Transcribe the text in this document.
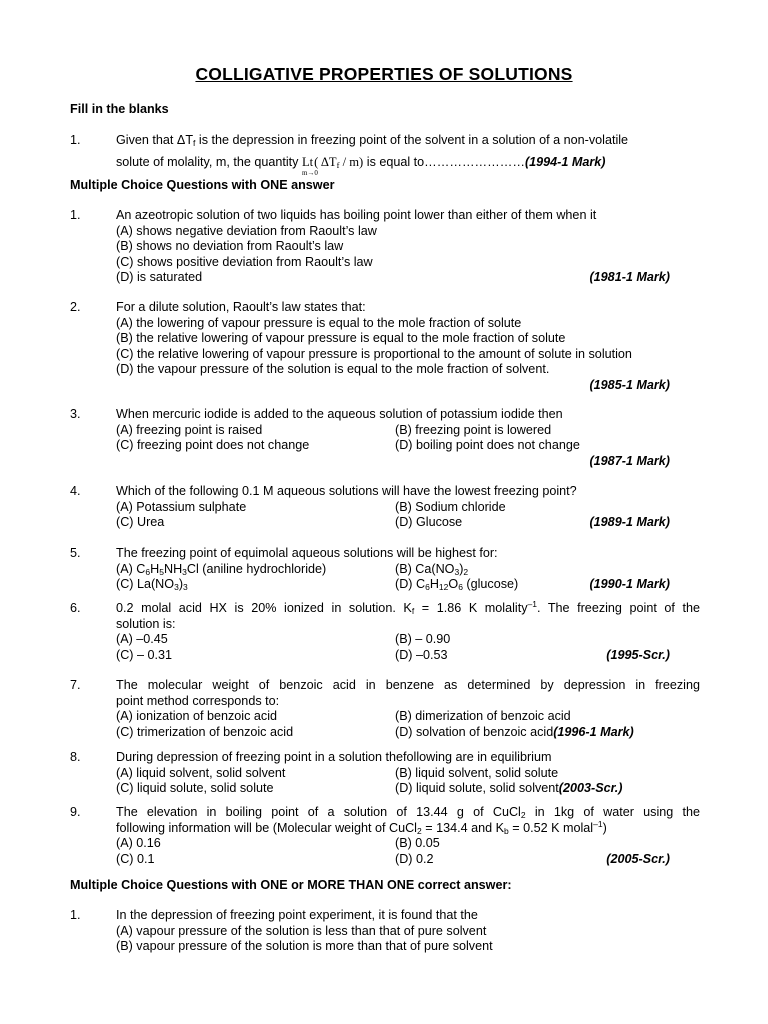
COLLIGATIVE PROPERTIES OF SOLUTIONS
Fill in the blanks
1.	Given that $\Delta T_f$ is the depression in freezing point of the solvent in a solution of a non-volatile
solute of molality, m, the quantity Lt
m→0
( $\Delta T_f / m$) is equal to……………………(1994-1 Mark)
Multiple Choice Questions with ONE answer
1.	An azeotropic solution of two liquids has boiling point lower than either of them when it
(A) shows negative deviation from Raoult’s law
(B) shows no deviation from Raoult’s law
(C) shows positive deviation from Raoult’s law
(D) is saturated	(1981-1 Mark)
2.	For a dilute solution, Raoult’s law states that:
(A) the lowering of vapour pressure is equal to the mole fraction of solute
(B) the relative lowering of vapour pressure is equal to the mole fraction of solute
(C) the relative lowering of vapour pressure is proportional to the amount of solute in solution
(D) the vapour pressure of the solution is equal to the mole fraction of solvent.
(1985-1 Mark)
3.	When mercuric iodide is added to the aqueous solution of potassium iodide then
(A) freezing point is raised	(B) freezing point is lowered
(C) freezing point does not change	(D) boiling point does not change
(1987-1 Mark)
4.	Which of the following 0.1 M aqueous solutions will have the lowest freezing point?
(A) Potassium sulphate	(B) Sodium chloride
(C) Urea	(D) Glucose	(1989-1 Mark)
5.	The freezing point of equimolal aqueous solutions will be highest for:
(A) $C_6H_5NH_3Cl$ (aniline hydrochloride)	(B) $Ca(NO_3)_2$
(C) $La(NO_3)_3$	(D) $C_6H_{12}O_6$ (glucose)	(1990-1 Mark)
6.	0.2 molal acid HX is 20% ionized in solution. $K_f = 1.86$ K molality$^{-1}$. The freezing point of the
solution is:
(A) –0.45	(B) – 0.90
(C) – 0.31	(D) –0.53	(1995-Scr.)
7.	The molecular weight of benzoic acid in benzene as determined by depression in freezing
point method corresponds to:
(A) ionization of benzoic acid	(B) dimerization of benzoic acid
(C) trimerization of benzoic acid	(D) solvation of benzoic acid(1996-1 Mark)
8.	During depression of freezing point in a solution thefollowing are in equilibrium
(A) liquid solvent, solid solvent	(B) liquid solvent, solid solute
(C) liquid solute, solid solute	(D) liquid solute, solid solvent(2003-Scr.)
9.	The elevation in boiling point of a solution of 13.44 g of CuCl$_2$ in 1kg of water using the
following information will be (Molecular weight of CuCl$_2$ = 134.4 and $K_b = 0.52$ K molal$^{-1}$)
(A) 0.16	(B) 0.05
(C) 0.1	(D) 0.2	(2005-Scr.)
Multiple Choice Questions with ONE or MORE THAN ONE correct answer:
1.	In the depression of freezing point experiment, it is found that the
(A) vapour pressure of the solution is less than that of pure solvent
(B) vapour pressure of the solution is more than that of pure solvent
